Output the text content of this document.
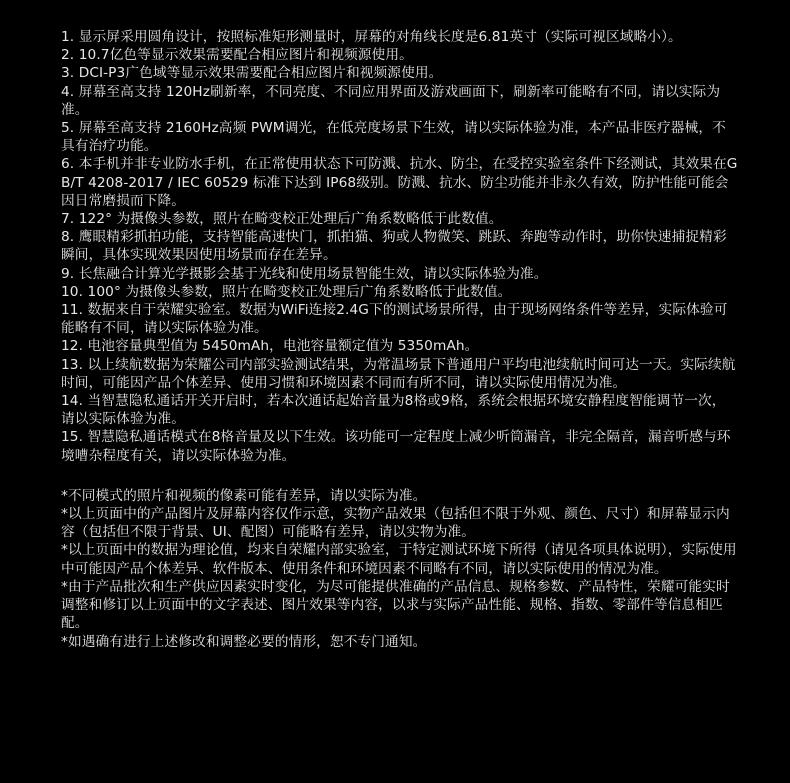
1. 显示屏采用圆角设计，按照标准矩形测量时，屏幕的对角线长度是6.81英寸（实际可视区域略小）。
2. 10.7亿色等显示效果需要配合相应图片和视频源使用。
3. DCI-P3广色域等显示效果需要配合相应图片和视频源使用。
4. 屏幕至高支持 120Hz刷新率，不同亮度、不同应用界面及游戏画面下，刷新率可能略有不同，请以实际为准。
5. 屏幕至高支持 2160Hz高频 PWM调光，在低亮度场景下生效，请以实际体验为准，本产品非医疗器械，不具有治疗功能。
6. 本手机并非专业防水手机，在正常使用状态下可防溅、抗水、防尘，在受控实验室条件下经测试，其效果在GB/T 4208-2017 / IEC 60529 标准下达到 IP68级别。防溅、抗水、防尘功能并非永久有效，防护性能可能会因日常磨损而下降。
7. 122° 为摄像头参数，照片在畸变校正处理后广角系数略低于此数值。
8. 鹰眼精彩抓拍功能，支持智能高速快门，抓拍猫、狗或人物微笑、跳跃、奔跑等动作时，助你快速捕捉精彩瞬间，具体实现效果因使用场景而存在差异。
9. 长焦融合计算光学摄影会基于光线和使用场景智能生效，请以实际体验为准。
10. 100° 为摄像头参数，照片在畸变校正处理后广角系数略低于此数值。
11. 数据来自于荣耀实验室。数据为WiFi连接2.4G下的测试场景所得，由于现场网络条件等差异，实际体验可能略有不同，请以实际体验为准。
12. 电池容量典型值为 5450mAh，电池容量额定值为 5350mAh。
13. 以上续航数据为荣耀公司内部实验测试结果，为常温场景下普通用户平均电池续航时间可达一天。实际续航时间，可能因产品个体差异、使用习惯和环境因素不同而有所不同，请以实际使用情况为准。
14. 当智慧隐私通话开关开启时，若本次通话起始音量为8格或9格，系统会根据环境安静程度智能调节一次，请以实际体验为准。
15. 智慧隐私通话模式在8格音量及以下生效。该功能可一定程度上减少听筒漏音，非完全隔音，漏音听感与环境嘈杂程度有关，请以实际体验为准。
*不同模式的照片和视频的像素可能有差异，请以实际为准。
*以上页面中的产品图片及屏幕内容仅作示意，实物产品效果（包括但不限于外观、颜色、尺寸）和屏幕显示内容（包括但不限于背景、UI、配图）可能略有差异，请以实物为准。
*以上页面中的数据为理论值，均来自荣耀内部实验室，于特定测试环境下所得（请见各项具体说明），实际使用中可能因产品个体差异、软件版本、使用条件和环境因素不同略有不同，请以实际使用的情况为准。
*由于产品批次和生产供应因素实时变化，为尽可能提供准确的产品信息、规格参数、产品特性，荣耀可能实时调整和修订以上页面中的文字表述、图片效果等内容，以求与实际产品性能、规格、指数、零部件等信息相匹配。
*如遇确有进行上述修改和调整必要的情形，恕不专门通知。
